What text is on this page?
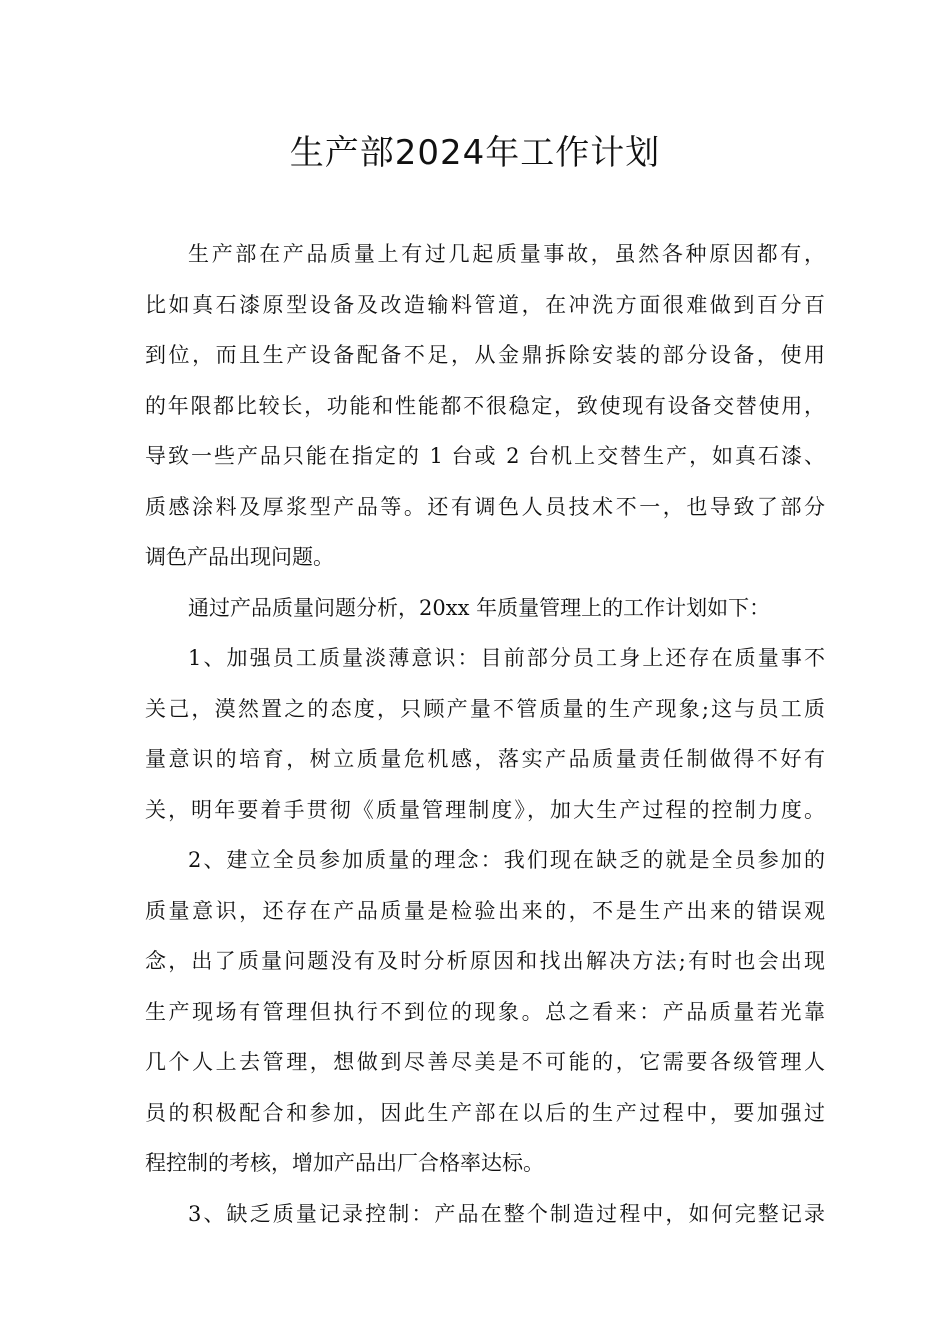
生产部2024年工作计划
生产部在产品质量上有过几起质量事故，虽然各种原因都有，
比如真石漆原型设备及改造输料管道，在冲洗方面很难做到百分百
到位，而且生产设备配备不足，从金鼎拆除安装的部分设备，使用
的年限都比较长，功能和性能都不很稳定，致使现有设备交替使用，
导致一些产品只能在指定的 1 台或 2 台机上交替生产，如真石漆、
质感涂料及厚浆型产品等。还有调色人员技术不一，也导致了部分
调色产品出现问题。
通过产品质量问题分析，20xx 年质量管理上的工作计划如下：
1、加强员工质量淡薄意识：目前部分员工身上还存在质量事不
关己，漠然置之的态度，只顾产量不管质量的生产现象;这与员工质
量意识的培育，树立质量危机感，落实产品质量责任制做得不好有
关，明年要着手贯彻《质量管理制度》，加大生产过程的控制力度。
2、建立全员参加质量的理念：我们现在缺乏的就是全员参加的
质量意识，还存在产品质量是检验出来的，不是生产出来的错误观
念，出了质量问题没有及时分析原因和找出解决方法;有时也会出现
生产现场有管理但执行不到位的现象。总之看来：产品质量若光靠
几个人上去管理，想做到尽善尽美是不可能的，它需要各级管理人
员的积极配合和参加，因此生产部在以后的生产过程中，要加强过
程控制的考核，增加产品出厂合格率达标。
3、缺乏质量记录控制：产品在整个制造过程中，如何完整记录
